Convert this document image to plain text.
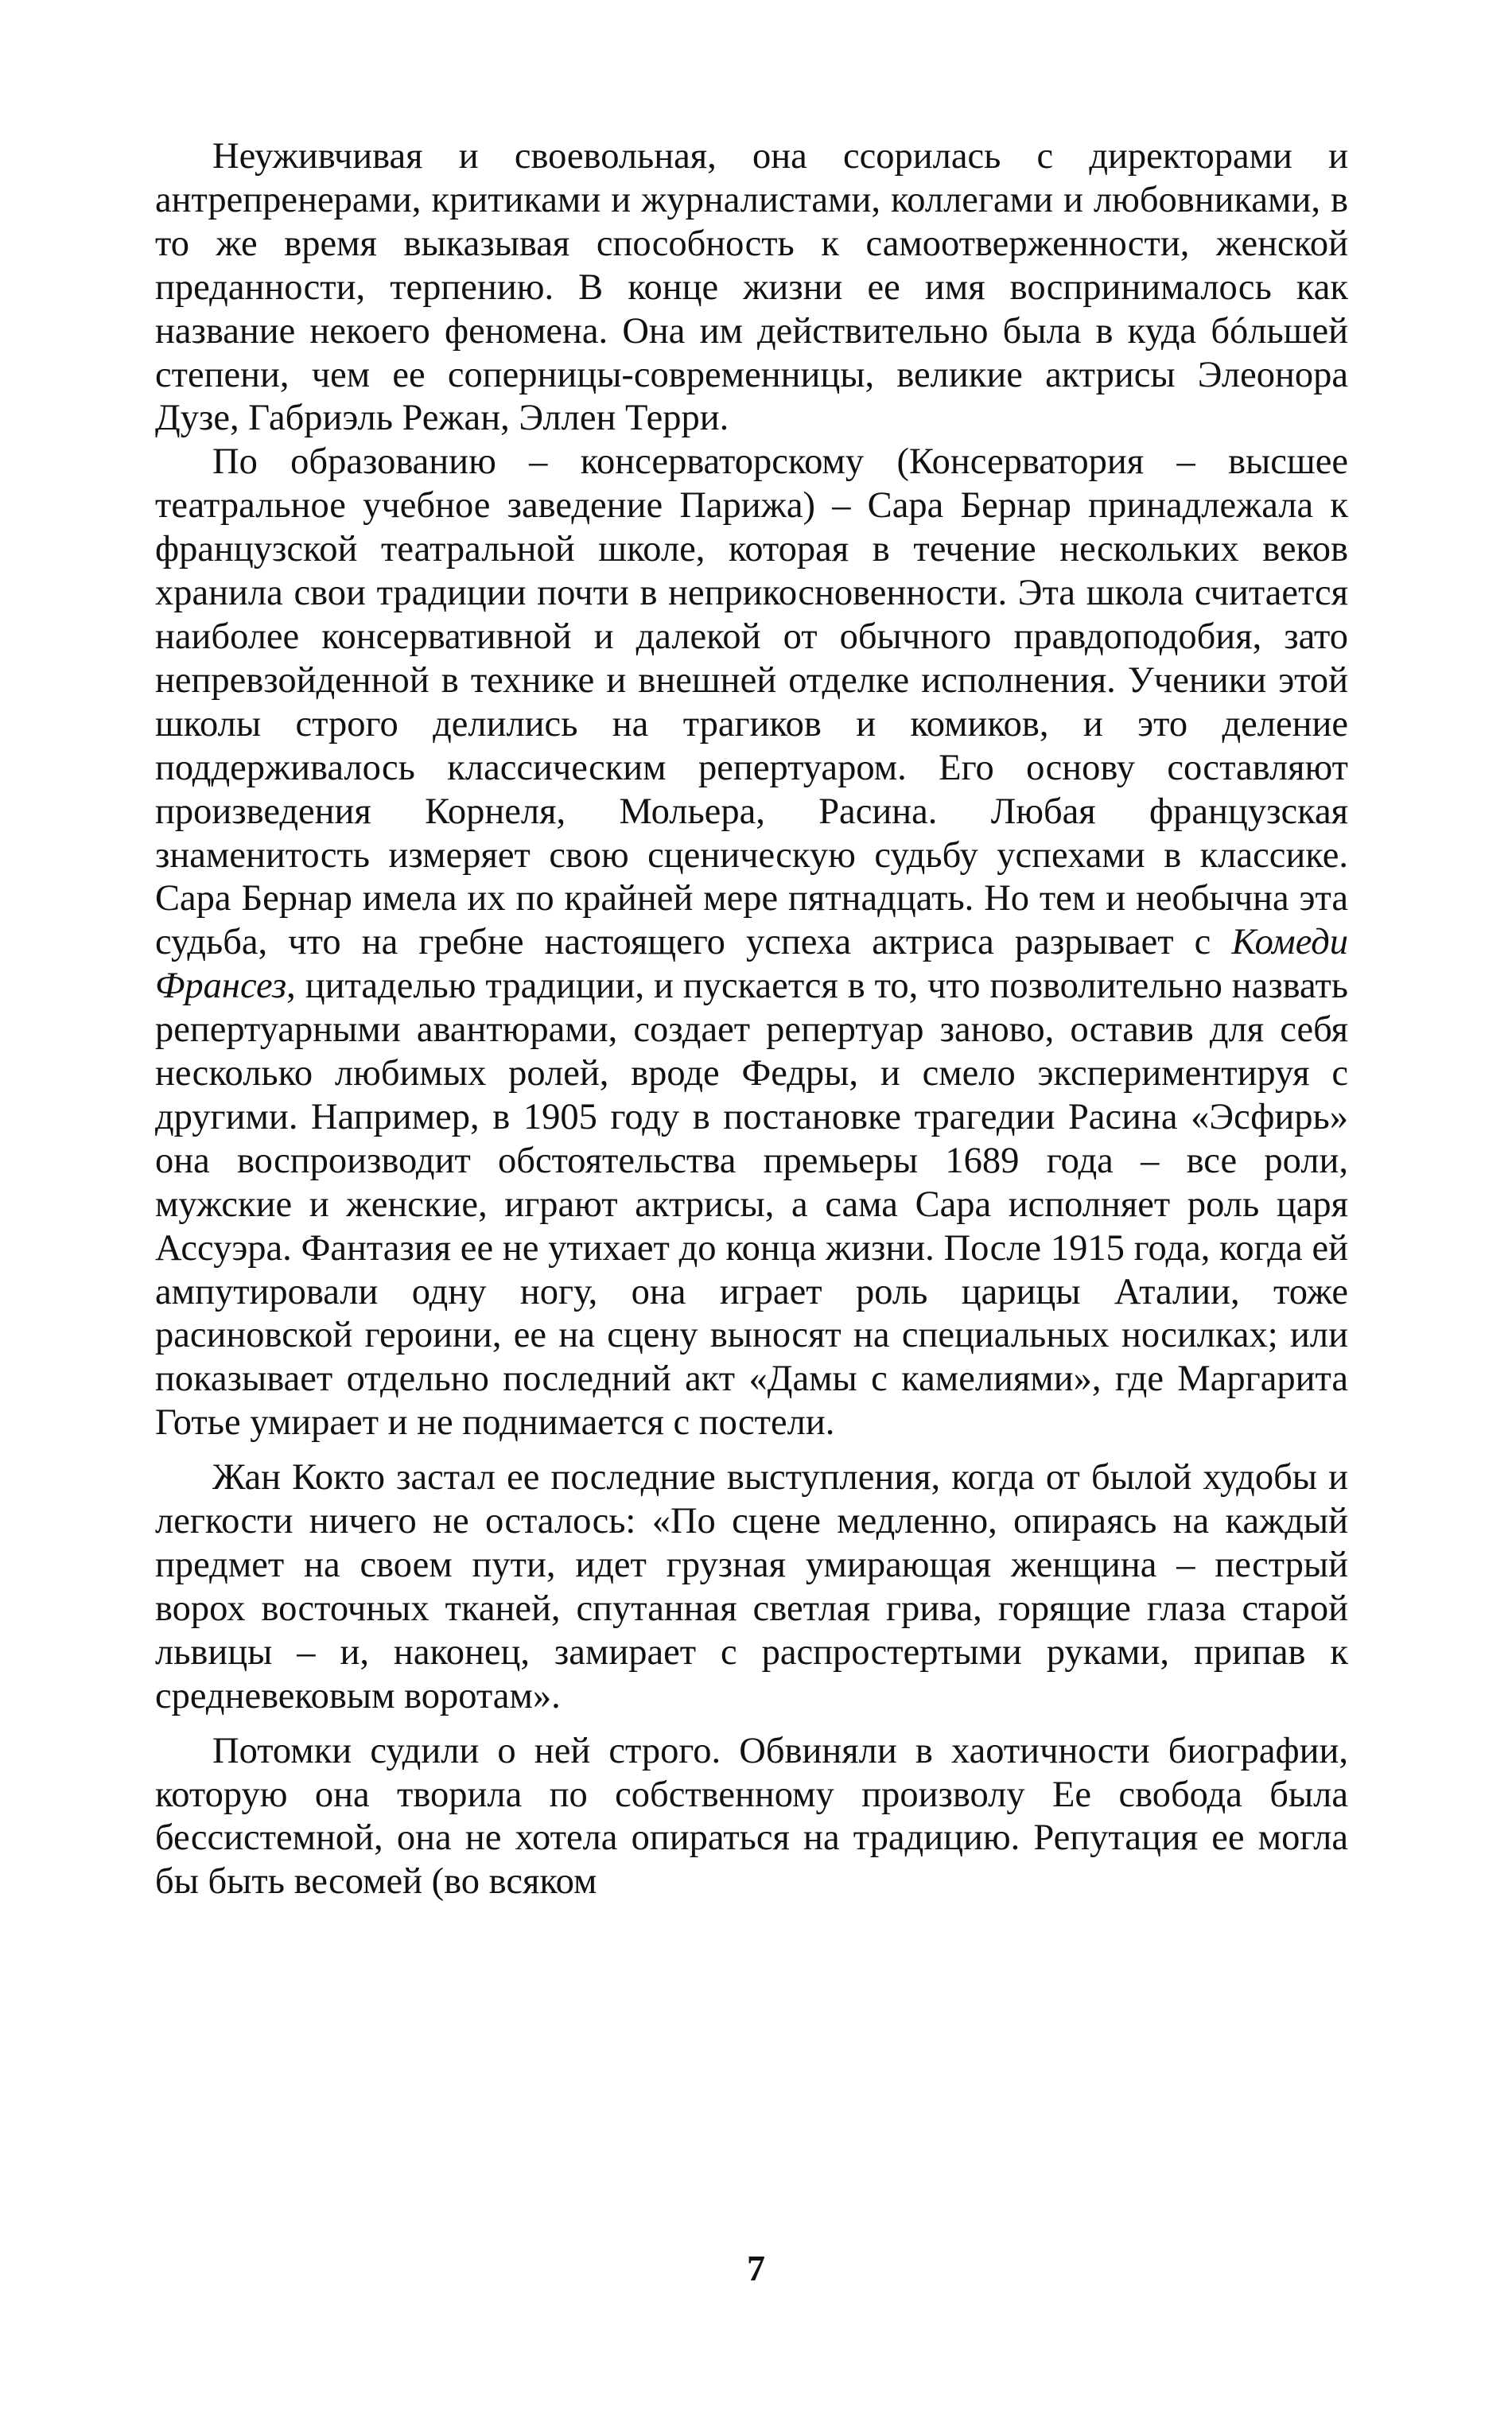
Неуживчивая и своевольная, она ссорилась с директорами и антрепренерами, критиками и журналистами, коллегами и любовниками, в то же время выказывая способность к самоотверженности, женской преданности, терпению. В конце жизни ее имя воспринималось как название некоего феномена. Она им действительно была в куда бóльшей степени, чем ее соперницы-современницы, великие актрисы Элеонора Дузе, Габриэль Режан, Эллен Терри.

По образованию – консерваторскому (Консерватория – высшее театральное учебное заведение Парижа) – Сара Бернар принадлежала к французской театральной школе, которая в течение нескольких веков хранила свои традиции почти в неприкосновенности. Эта школа считается наиболее консервативной и далекой от обычного правдоподобия, зато непревзойденной в технике и внешней отделке исполнения. Ученики этой школы строго делились на трагиков и комиков, и это деление поддерживалось классическим репертуаром. Его основу составляют произведения Корнеля, Мольера, Расина. Любая французская знаменитость измеряет свою сценическую судьбу успехами в классике. Сара Бернар имела их по крайней мере пятнадцать. Но тем и необычна эта судьба, что на гребне настоящего успеха актриса разрывает с Комеди Франсез, цитаделью традиции, и пускается в то, что позволительно назвать репертуарными авантюрами, создает репертуар заново, оставив для себя несколько любимых ролей, вроде Федры, и смело экспериментируя с другими. Например, в 1905 году в постановке трагедии Расина «Эсфирь» она воспроизводит обстоятельства премьеры 1689 года – все роли, мужские и женские, играют актрисы, а сама Сара исполняет роль царя Ассуэра. Фантазия ее не утихает до конца жизни. После 1915 года, когда ей ампутировали одну ногу, она играет роль царицы Аталии, тоже расиновской героини, ее на сцену выносят на специальных носилках; или показывает отдельно последний акт «Дамы с камелиями», где Маргарита Готье умирает и не поднимается с постели.

Жан Кокто застал ее последние выступления, когда от былой худобы и легкости ничего не осталось: «По сцене медленно, опираясь на каждый предмет на своем пути, идет грузная умирающая женщина – пестрый ворох восточных тканей, спутанная светлая грива, горящие глаза старой львицы – и, наконец, замирает с распростертыми руками, припав к средневековым воротам».

Потомки судили о ней строго. Обвиняли в хаотичности биографии, которую она творила по собственному произволу Ее свобода была бессистемной, она не хотела опираться на традицию. Репутация ее могла бы быть весомей (во всяком

7
